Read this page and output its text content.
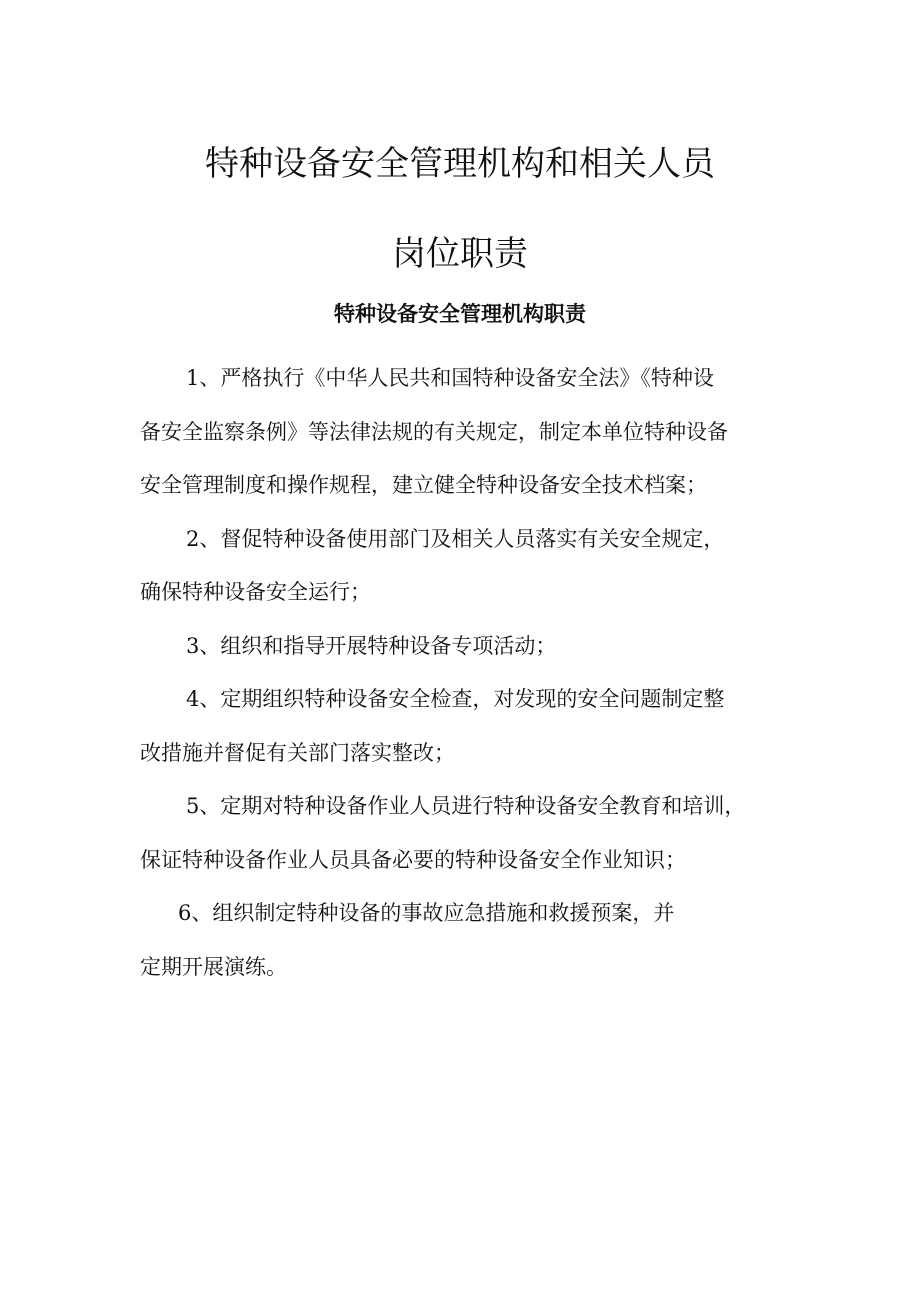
特种设备安全管理机构和相关人员
岗位职责
特种设备安全管理机构职责
1、严格执行《中华人民共和国特种设备安全法》《特种设
备安全监察条例》等法律法规的有关规定，制定本单位特种设备
安全管理制度和操作规程，建立健全特种设备安全技术档案；
2、督促特种设备使用部门及相关人员落实有关安全规定，
确保特种设备安全运行；
3、组织和指导开展特种设备专项活动；
4、定期组织特种设备安全检查，对发现的安全问题制定整
改措施并督促有关部门落实整改；
5、定期对特种设备作业人员进行特种设备安全教育和培训，
保证特种设备作业人员具备必要的特种设备安全作业知识；
6、组织制定特种设备的事故应急措施和救援预案，并
定期开展演练。
